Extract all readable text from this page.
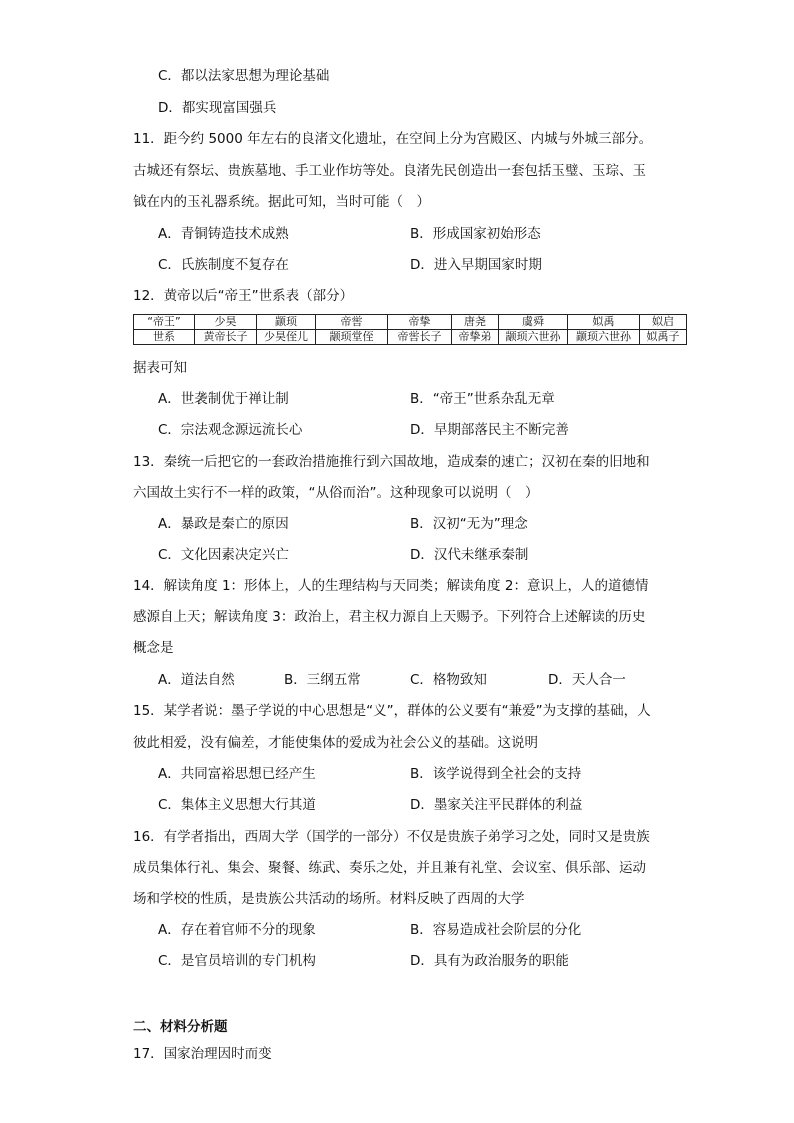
C．都以法家思想为理论基础
D．都实现富国强兵
11．距今约 5000 年左右的良渚文化遗址，在空间上分为宫殿区、内城与外城三部分。
古城还有祭坛、贵族墓地、手工业作坊等处。良渚先民创造出一套包括玉璧、玉琮、玉
钺在内的玉礼器系统。据此可知，当时可能（　）
A．青铜铸造技术成熟	B．形成国家初始形态
C．氏族制度不复存在	D．进入早期国家时期
12．黄帝以后“帝王”世系表（部分）
“帝王”	少昊	颛顼	帝喾	帝挚	唐尧	虞舜	姒禹	姒启
世系	黄帝长子	少昊侄儿	颛顼堂侄	帝喾长子	帝挚弟	颛顼六世孙	颛顼六世孙	姒禹子
据表可知
A．世袭制优于禅让制	B．“帝王”世系杂乱无章
C．宗法观念源远流长心	D．早期部落民主不断完善
13．秦统一后把它的一套政治措施推行到六国故地，造成秦的速亡；汉初在秦的旧地和
六国故土实行不一样的政策，“从俗而治”。这种现象可以说明（　）
A．暴政是秦亡的原因	B．汉初“无为”理念
C．文化因素决定兴亡	D．汉代未继承秦制
14．解读角度 1：形体上，人的生理结构与天同类；解读角度 2：意识上，人的道德情
感源自上天；解读角度 3：政治上，君主权力源自上天赐予。下列符合上述解读的历史
概念是
A．道法自然	B．三纲五常	C．格物致知	D．天人合一
15．某学者说：墨子学说的中心思想是“义”，群体的公义要有“兼爱”为支撑的基础，人
彼此相爱，没有偏差，才能使集体的爱成为社会公义的基础。这说明
A．共同富裕思想已经产生	B．该学说得到全社会的支持
C．集体主义思想大行其道	D．墨家关注平民群体的利益
16．有学者指出，西周大学（国学的一部分）不仅是贵族子弟学习之处，同时又是贵族
成员集体行礼、集会、聚餐、练武、奏乐之处，并且兼有礼堂、会议室、俱乐部、运动
场和学校的性质，是贵族公共活动的场所。材料反映了西周的大学
A．存在着官师不分的现象	B．容易造成社会阶层的分化
C．是官员培训的专门机构	D．具有为政治服务的职能
二、材料分析题
17．国家治理因时而变
